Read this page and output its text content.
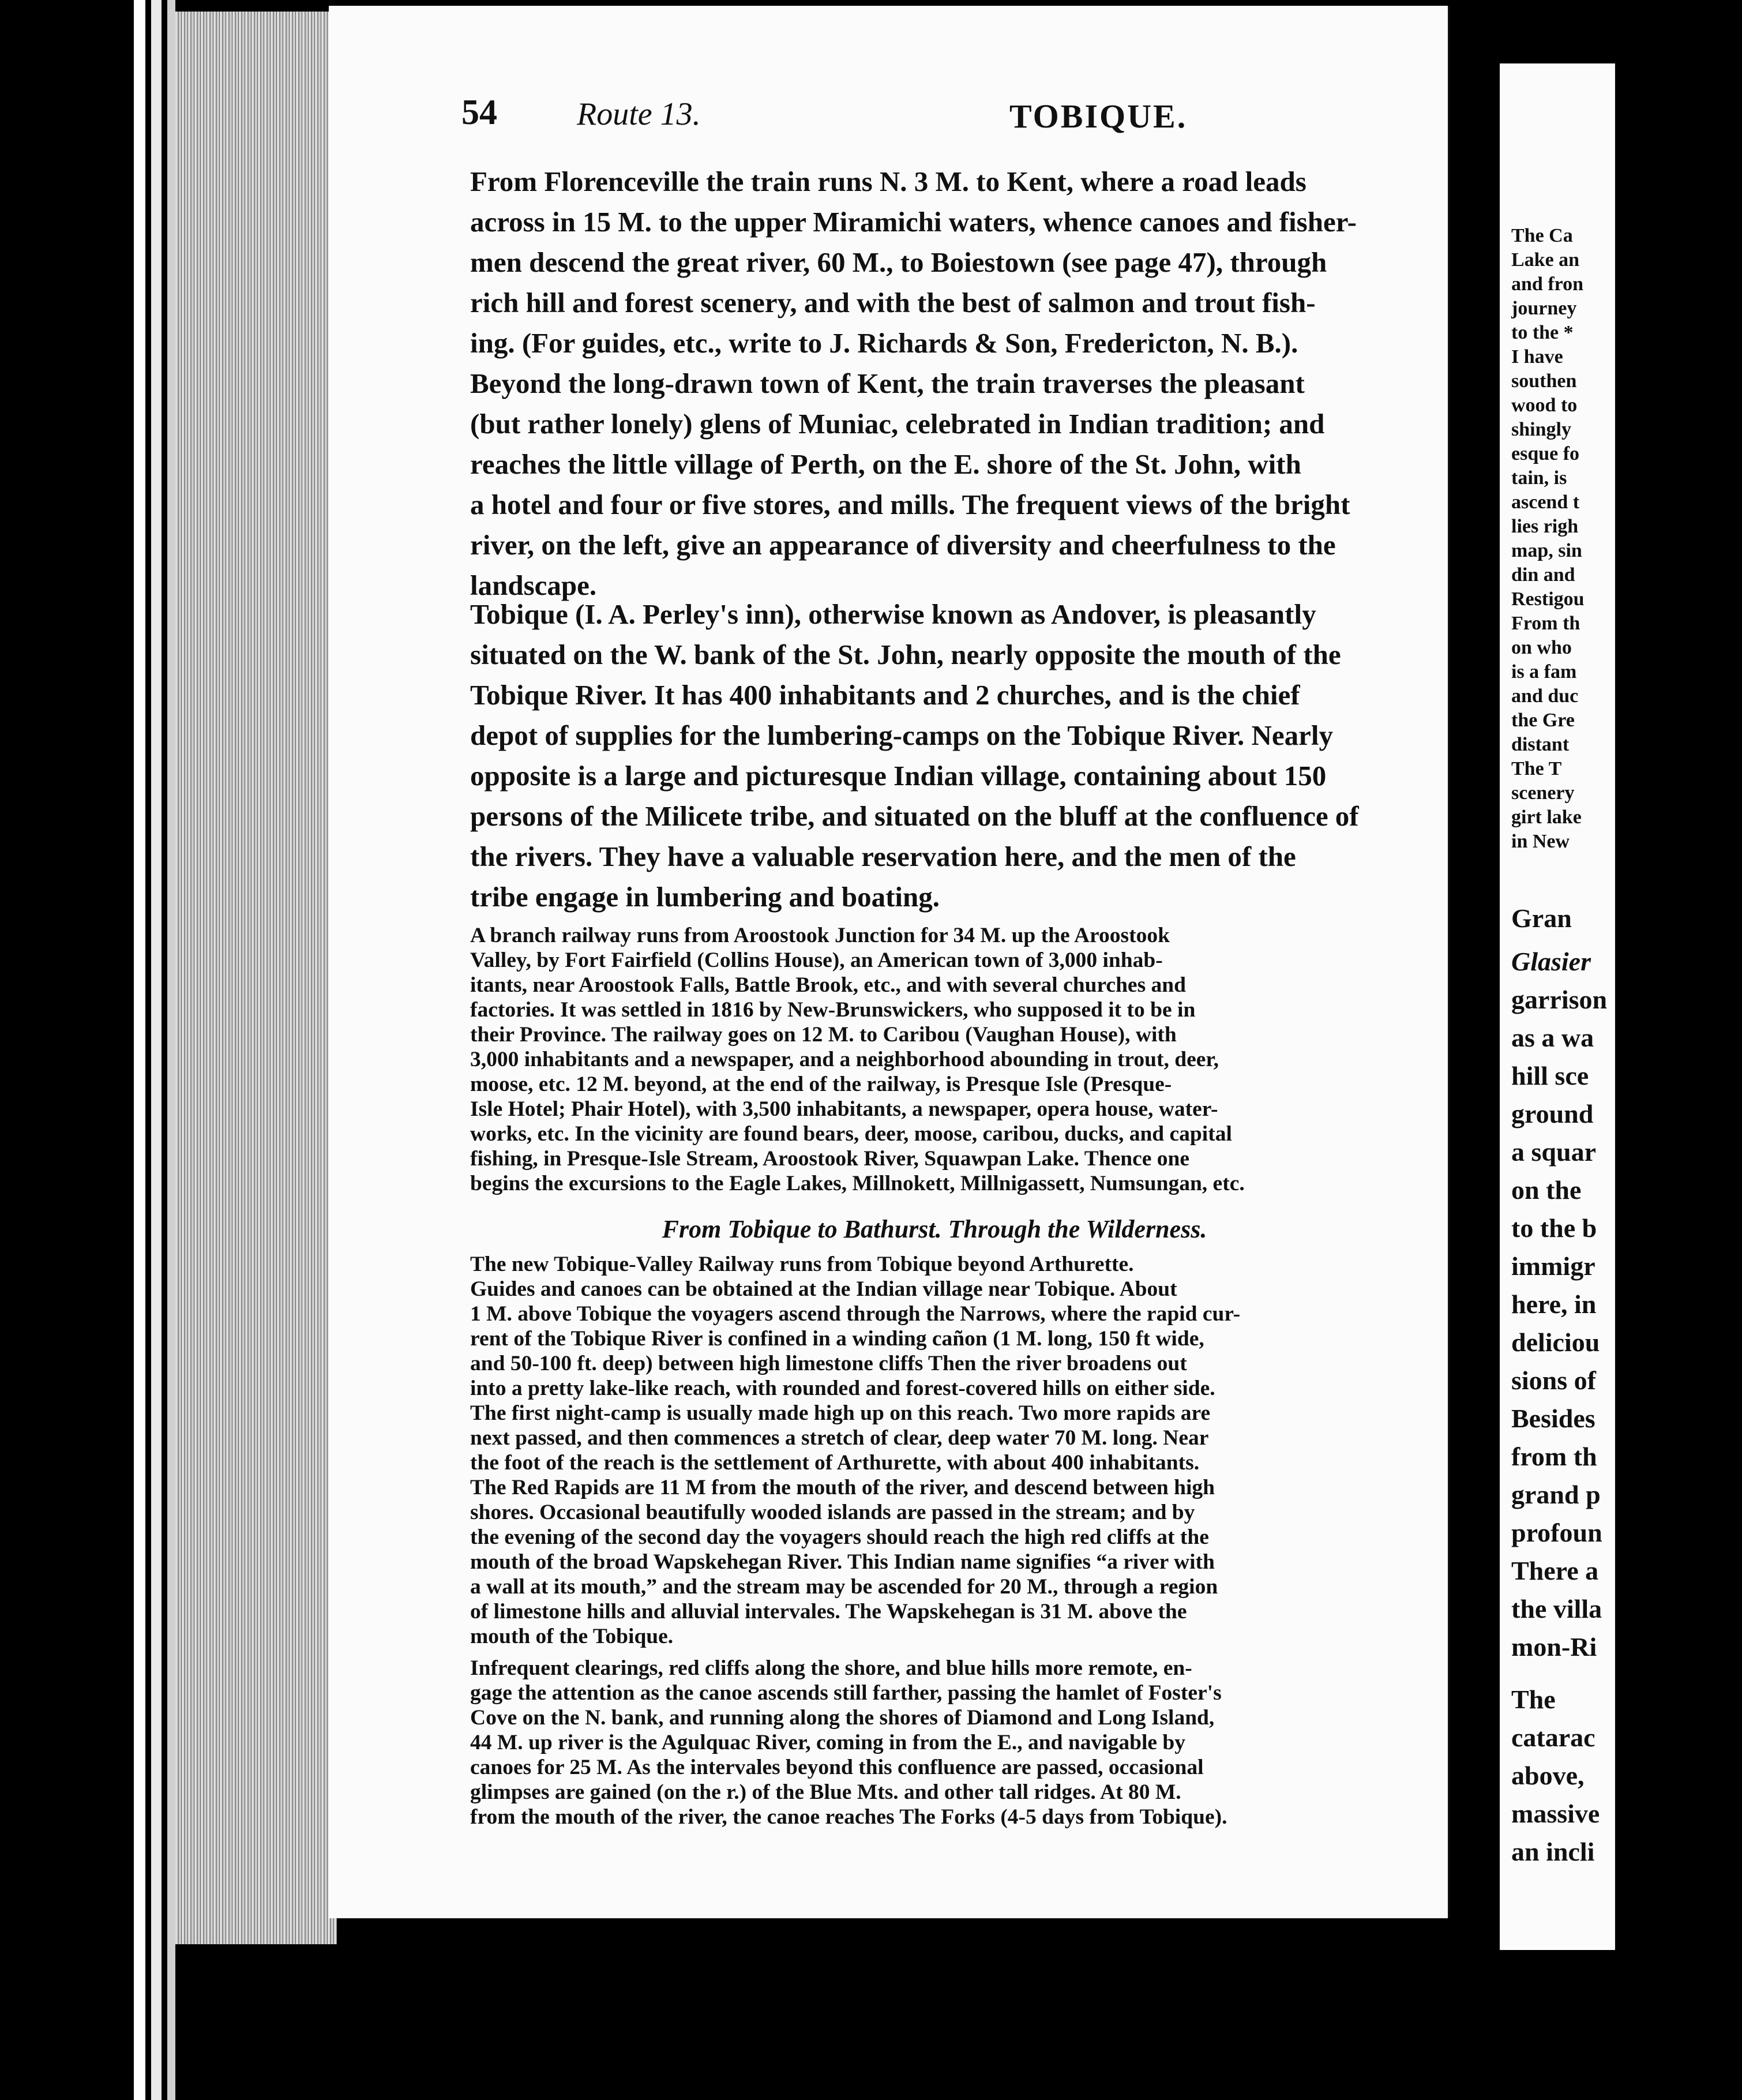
54 Route 13.	TOBIQUE.
From Florenceville the train runs N. 3 M. to Kent, where a road leads
across in 15 M. to the upper Miramichi waters, whence canoes and fisher-
men descend the great river, 60 M., to Boiestown (see page 47), through
rich hill and forest scenery, and with the best of salmon and trout fish-
ing. (For guides, etc., write to J. Richards & Son, Fredericton, N. B.).
Beyond the long-drawn town of Kent, the train traverses the pleasant
(but rather lonely) glens of Muniac, celebrated in Indian tradition; and
reaches the little village of Perth, on the E. shore of the St. John, with
a hotel and four or five stores, and mills. The frequent views of the bright
river, on the left, give an appearance of diversity and cheerfulness to the
landscape.
Tobique (I. A. Perley's inn), otherwise known as Andover, is pleasantly
situated on the W. bank of the St. John, nearly opposite the mouth of the
Tobique River. It has 400 inhabitants and 2 churches, and is the chief
depot of supplies for the lumbering-camps on the Tobique River. Nearly
opposite is a large and picturesque Indian village, containing about 150
persons of the Milicete tribe, and situated on the bluff at the confluence of
the rivers. They have a valuable reservation here, and the men of the
tribe engage in lumbering and boating.
A branch railway runs from Aroostook Junction for 34 M. up the Aroostook
Valley, by Fort Fairfield (Collins House), an American town of 3,000 inhab-
itants, near Aroostook Falls, Battle Brook, etc., and with several churches and
factories. It was settled in 1816 by New-Brunswickers, who supposed it to be in
their Province. The railway goes on 12 M. to Caribou (Vaughan House), with
3,000 inhabitants and a newspaper, and a neighborhood abounding in trout, deer,
moose, etc. 12 M. beyond, at the end of the railway, is Presque Isle (Presque-
Isle Hotel; Phair Hotel), with 3,500 inhabitants, a newspaper, opera house, water-
works, etc. In the vicinity are found bears, deer, moose, caribou, ducks, and capital
fishing, in Presque-Isle Stream, Aroostook River, Squawpan Lake. Thence one
begins the excursions to the Eagle Lakes, Millnokett, Millnigassett, Numsungan, etc.
From Tobique to Bathurst. Through the Wilderness.
The new Tobique-Valley Railway runs from Tobique beyond Arthurette.
Guides and canoes can be obtained at the Indian village near Tobique. About
1 M. above Tobique the voyagers ascend through the Narrows, where the rapid cur-
rent of the Tobique River is confined in a winding cañon (1 M. long, 150 ft wide,
and 50-100 ft. deep) between high limestone cliffs Then the river broadens out
into a pretty lake-like reach, with rounded and forest-covered hills on either side.
The first night-camp is usually made high up on this reach. Two more rapids are
next passed, and then commences a stretch of clear, deep water 70 M. long. Near
the foot of the reach is the settlement of Arthurette, with about 400 inhabitants.
The Red Rapids are 11 M from the mouth of the river, and descend between high
shores. Occasional beautifully wooded islands are passed in the stream; and by
the evening of the second day the voyagers should reach the high red cliffs at the
mouth of the broad Wapskehegan River. This Indian name signifies “a river with
a wall at its mouth,” and the stream may be ascended for 20 M., through a region
of limestone hills and alluvial intervales. The Wapskehegan is 31 M. above the
mouth of the Tobique.
Infrequent clearings, red cliffs along the shore, and blue hills more remote, en-
gage the attention as the canoe ascends still farther, passing the hamlet of Foster's
Cove on the N. bank, and running along the shores of Diamond and Long Island,
44 M. up river is the Agulquac River, coming in from the E., and navigable by
canoes for 25 M. As the intervales beyond this confluence are passed, occasional
glimpses are gained (on the r.) of the Blue Mts. and other tall ridges. At 80 M.
from the mouth of the river, the canoe reaches The Forks (4-5 days from Tobique).
The Ca
Lake an
and fron
journey
to the *
I have
southen
wood to
shingly
esque fo
tain, is
ascend t
lies righ
map, sin
din and
Restigou
From th
on who
is a fam
and duc
the Gre
distant
The T
scenery
girt lake
in New
Gran
Glasier
garrison
as a wa
hill sce
ground
a squar
on the
to the b
immigr
here, in
deliciou
sions of
Besides
from th
grand p
profoun
There a
the villa
mon-Ri
The
catarac
above,
massive
an incli
